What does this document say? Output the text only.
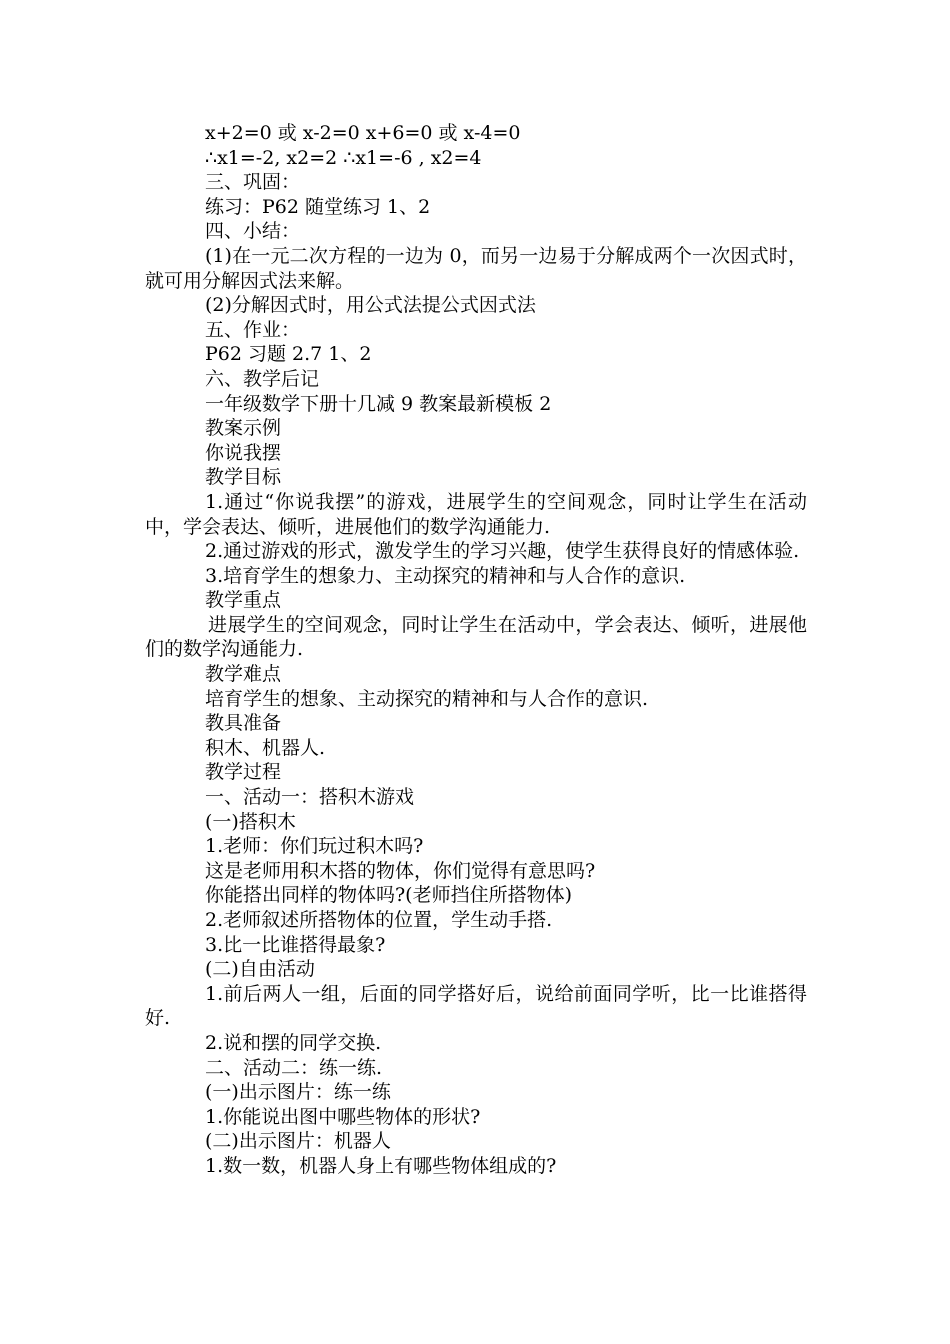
x+2=0 或 x-2=0 x+6=0 或 x-4=0
∴x1=-2, x2=2 ∴x1=-6 , x2=4
三、巩固：
练习：P62 随堂练习 1、2
四、小结：
(1)在一元二次方程的一边为 0，而另一边易于分解成两个一次因式时，就可用分解因式法来解。
(2)分解因式时，用公式法提公式因式法
五、作业：
P62 习题 2.7 1、2
六、教学后记
一年级数学下册十几减 9 教案最新模板 2
教案示例
你说我摆
教学目标
1.通过“你说我摆”的游戏，进展学生的空间观念，同时让学生在活动中，学会表达、倾听，进展他们的数学沟通能力.
2.通过游戏的形式，激发学生的学习兴趣，使学生获得良好的情感体验.
3.培育学生的想象力、主动探究的精神和与人合作的意识.
教学重点
进展学生的空间观念，同时让学生在活动中，学会表达、倾听，进展他们的数学沟通能力.
教学难点
培育学生的想象、主动探究的精神和与人合作的意识.
教具准备
积木、机器人.
教学过程
一、活动一：搭积木游戏
(一)搭积木
1.老师：你们玩过积木吗?
这是老师用积木搭的物体，你们觉得有意思吗?
你能搭出同样的物体吗?(老师挡住所搭物体)
2.老师叙述所搭物体的位置，学生动手搭.
3.比一比谁搭得最象?
(二)自由活动
1.前后两人一组，后面的同学搭好后，说给前面同学听，比一比谁搭得好.
2.说和摆的同学交换.
二、活动二：练一练.
(一)出示图片：练一练
1.你能说出图中哪些物体的形状?
(二)出示图片：机器人
1.数一数，机器人身上有哪些物体组成的?
